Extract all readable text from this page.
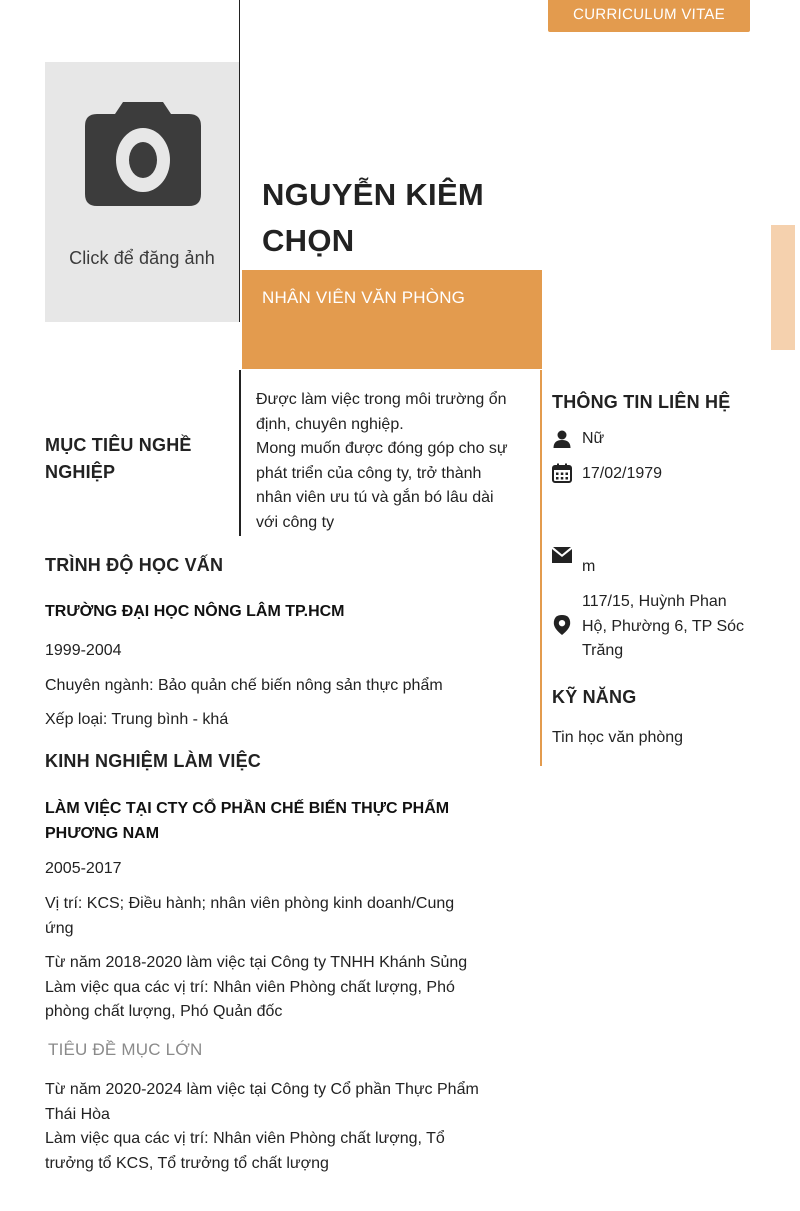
CURRICULUM VITAE
Click để đăng ảnh
NGUYỄN KIÊM
CHỌN
NHÂN VIÊN VĂN PHÒNG
MỤC TIÊU NGHỀ
NGHIỆP
Được làm việc trong môi trường ổn
định, chuyên nghiệp.
Mong muốn được đóng góp cho sự
phát triển của công ty, trở thành
nhân viên ưu tú và gắn bó lâu dài
với công ty
THÔNG TIN LIÊN HỆ
Nữ
17/02/1979
m
117/15, Huỳnh Phan
Hộ, Phường 6, TP Sóc
Trăng
KỸ NĂNG
Tin học văn phòng
TRÌNH ĐỘ HỌC VẤN
TRƯỜNG ĐẠI HỌC NÔNG LÂM TP.HCM
1999-2004
Chuyên ngành: Bảo quản chế biến nông sản thực phẩm
Xếp loại: Trung bình - khá
KINH NGHIỆM LÀM VIỆC
LÀM VIỆC TẠI CTY CỔ PHẦN CHẾ BIẾN THỰC PHẨM
PHƯƠNG NAM
2005-2017
Vị trí: KCS; Điều hành; nhân viên phòng kinh doanh/Cung
ứng
Từ năm 2018-2020 làm việc tại Công ty TNHH Khánh Sủng
Làm việc qua các vị trí: Nhân viên Phòng chất lượng, Phó
phòng chất lượng, Phó Quản đốc
TIÊU ĐỀ MỤC LỚN
Từ năm 2020-2024 làm việc tại Công ty Cổ phần Thực Phẩm
Thái Hòa
Làm việc qua các vị trí: Nhân viên Phòng chất lượng, Tổ
trưởng tổ KCS, Tổ trưởng tổ chất lượng
